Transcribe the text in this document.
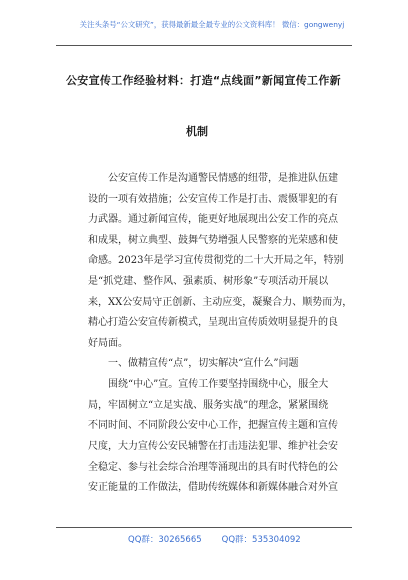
关注头条号“公文研究”，获得最新最全最专业的公文资料库！ 微信：gongwenyj
公安宣传工作经验材料：打造“点线面”新闻宣传工作新
机制
　　公安宣传工作是沟通警民情感的纽带，是推进队伍建
设的一项有效措施；公安宣传工作是打击、震慑罪犯的有
力武器。通过新闻宣传，能更好地展现出公安工作的亮点
和成果，树立典型、鼓舞气势增强人民警察的光荣感和使
命感。2023年是学习宣传贯彻党的二十大开局之年，特别
是“抓党建、整作风、强素质、树形象”专项活动开展以
来，XX公安局守正创新、主动应变，凝聚合力、顺势而为，
精心打造公安宣传新模式，呈现出宣传质效明显提升的良
好局面。
　　一、做精宣传“点”，切实解决“宣什么”问题
　　围绕“中心”宣。宣传工作要坚持围绕中心，服全大
局，牢固树立“立足实战、服务实战”的理念，紧紧围绕
不同时间、不同阶段公安中心工作，把握宣传主题和宣传
尺度，大力宣传公安民辅警在打击违法犯罪、维护社会安
全稳定、参与社会综合治理等涌现出的具有时代特色的公
安正能量的工作做法，借助传统媒体和新媒体融合对外宣
QQ群：30265665 QQ群：535304092
